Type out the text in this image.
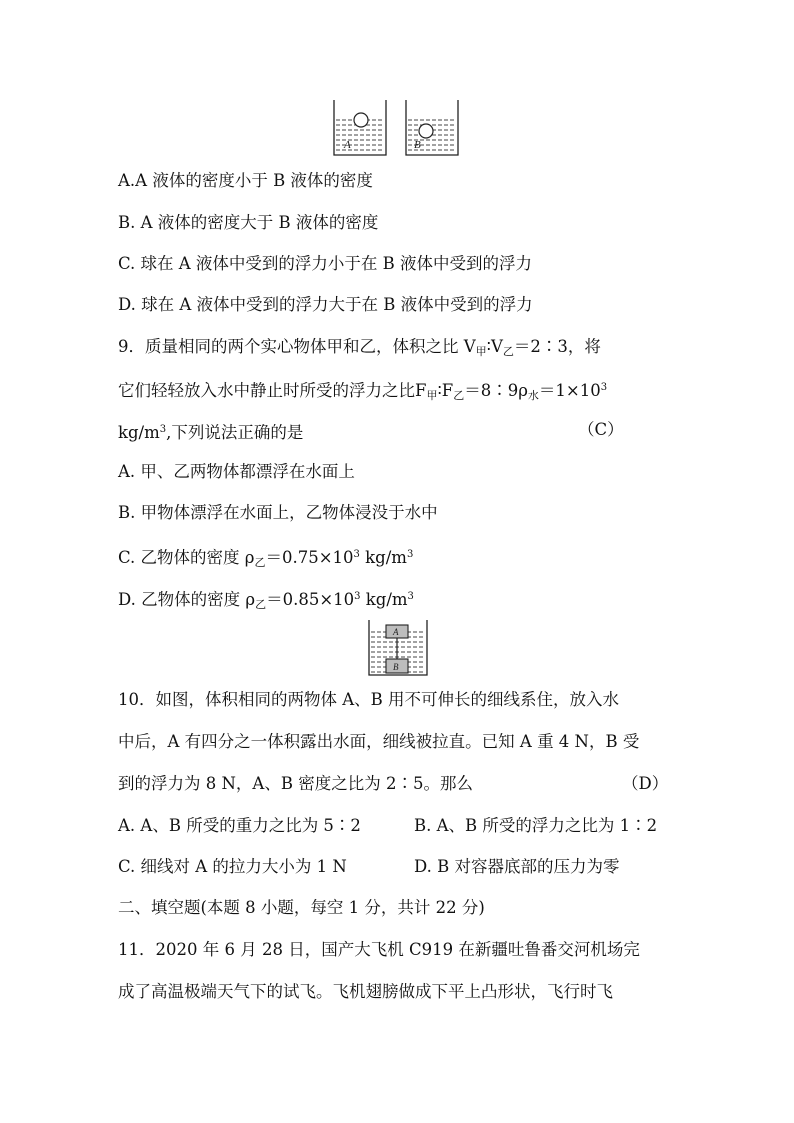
A	B
A.A 液体的密度小于 B 液体的密度
B. A 液体的密度大于 B 液体的密度
C. 球在 A 液体中受到的浮力小于在 B 液体中受到的浮力
D. 球在 A 液体中受到的浮力大于在 B 液体中受到的浮力
9．质量相同的两个实心物体甲和乙，体积之比 $V_甲∶V_乙=2∶3$，将
它们轻轻放入水中静止时所受的浮力之比$F_甲∶F_乙=8∶9\rho_水=1\times 10^3$
$kg/m^3$,下列说法正确的是	（C）
A. 甲、乙两物体都漂浮在水面上
B. 甲物体漂浮在水面上，乙物体浸没于水中
C. 乙物体的密度 $\rho_乙=0.75\times 10^3$ $kg/m^3$
D. 乙物体的密度 $\rho_乙=0.85\times 10^3$ $kg/m^3$
A
B
10．如图，体积相同的两物体 A、B 用不可伸长的细线系住，放入水
中后，A 有四分之一体积露出水面，细线被拉直。已知 A 重 4 N，B 受
到的浮力为 8 N，A、B 密度之比为 2∶5。那么	（D）
A. A、B 所受的重力之比为 5∶2	B. A、B 所受的浮力之比为 1∶2
C. 细线对 A 的拉力大小为 1 N	D. B 对容器底部的压力为零
二、填空题(本题 8 小题，每空 1 分，共计 22 分)
11．2020 年 6 月 28 日，国产大飞机 C919 在新疆吐鲁番交河机场完
成了高温极端天气下的试飞。飞机翅膀做成下平上凸形状，飞行时飞
